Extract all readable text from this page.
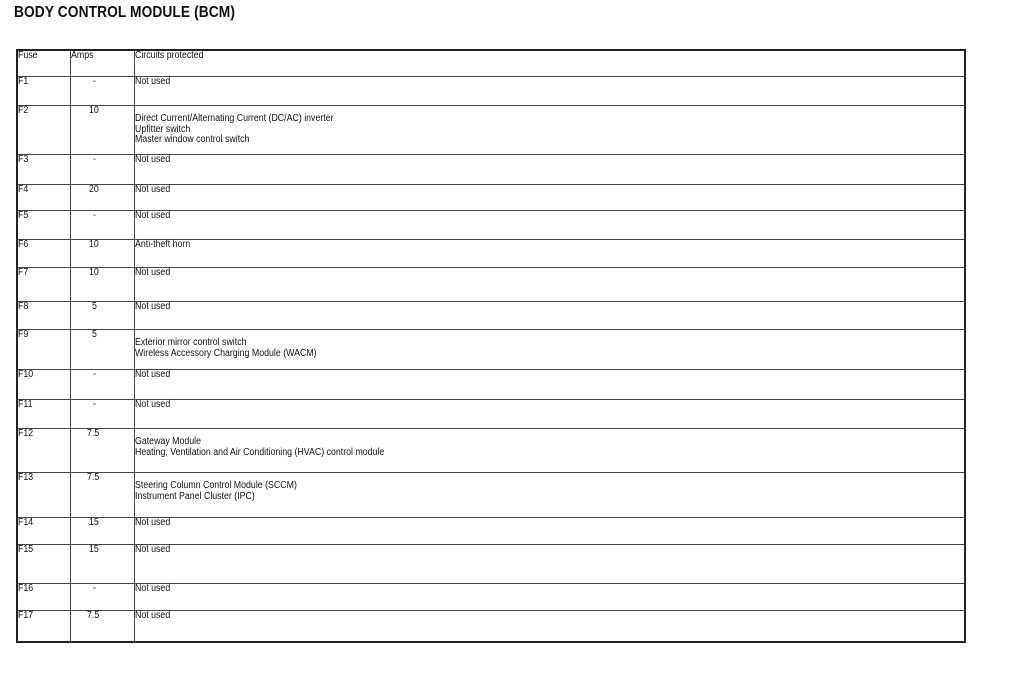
BODY CONTROL MODULE (BCM)
Fuse	Amps	Circuits protected

F1	-	Not used

F2	10	Direct Current/Alternating Current (DC/AC) inverter
Upfitter switch
Master window control switch

F3	-	Not used

F4	20	Not used

F5	-	Not used

F6	10	Anti-theft horn

F7	10	Not used

F8	5	Not used

F9	5	Exterior mirror control switch
Wireless Accessory Charging Module (WACM)

F10	-	Not used

F11	-	Not used

F12	7.5	Gateway Module
Heating, Ventilation and Air Conditioning (HVAC) control module

F13	7.5	Steering Column Control Module (SCCM)
Instrument Panel Cluster (IPC)

F14	15	Not used

F15	15	Not used

F16	-	Not used

F17	7.5	Not used
